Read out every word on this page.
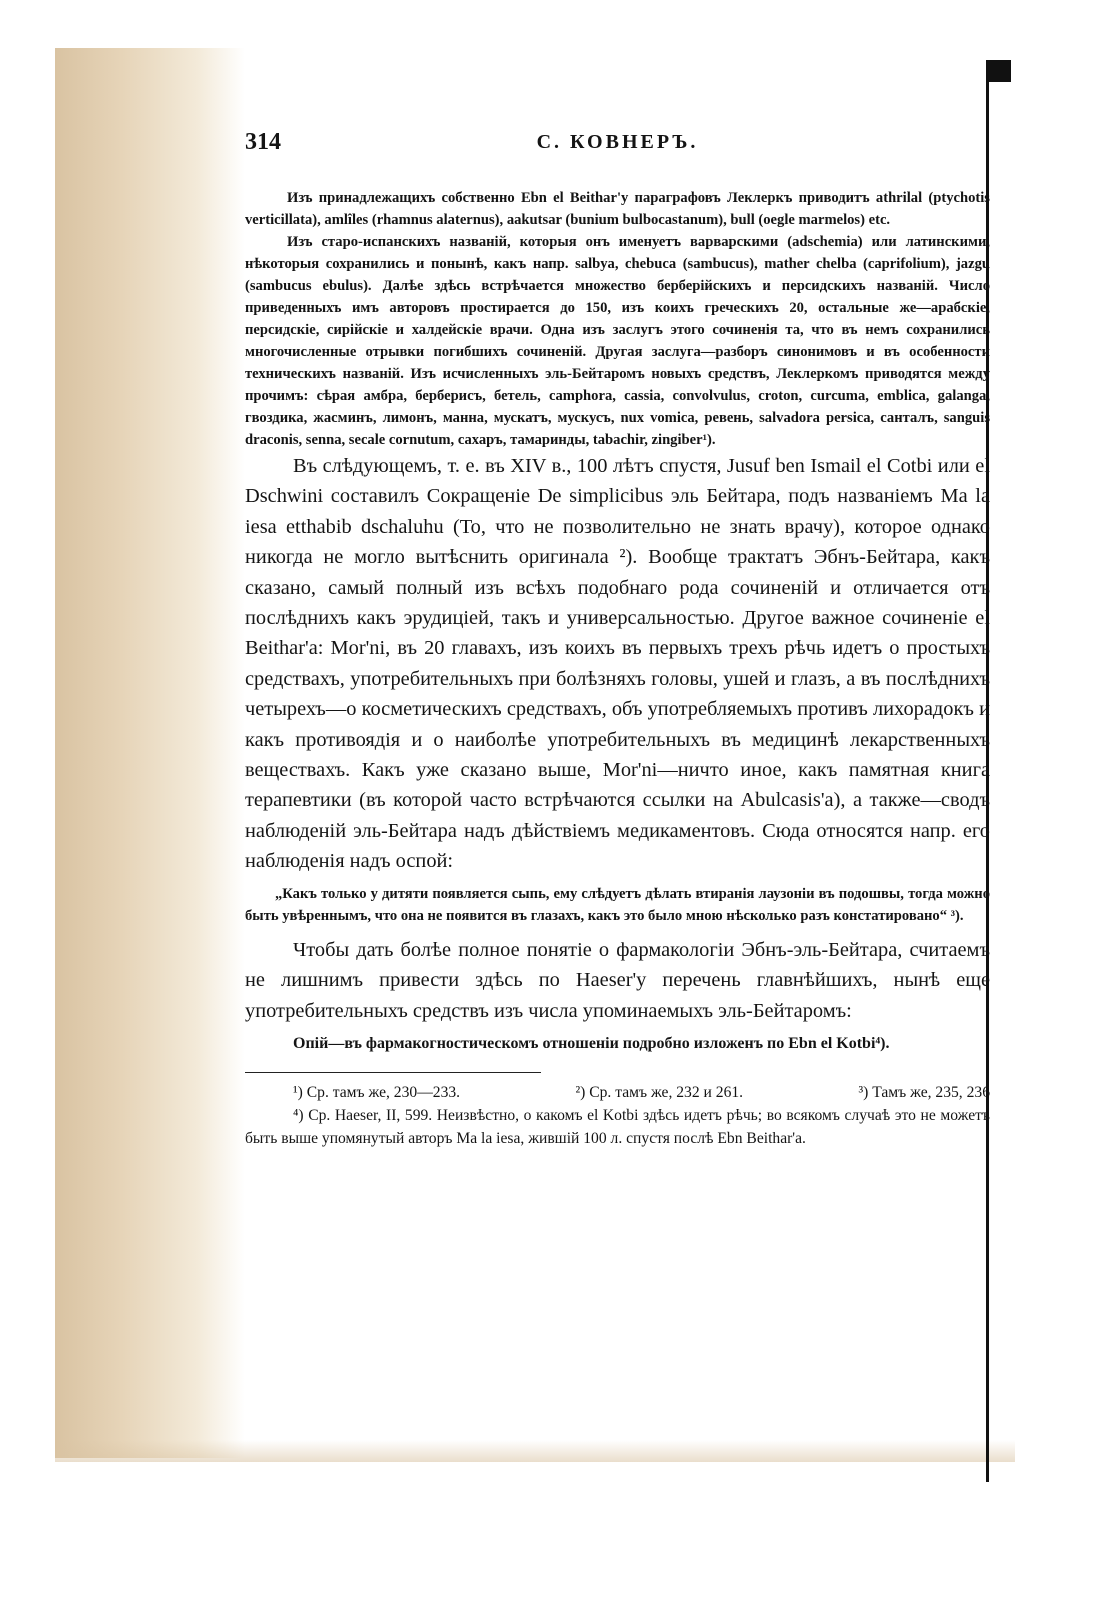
314	С. КОВНЕРЪ.

Изъ принадлежащихъ собственно Ebn el Beithar'у параграфовъ Леклеркъ приводитъ athrilal (ptychotis verticillata), amlîles (rhamnus alaternus), aakutsar (bunium bulbocastanum), bull (oegle marmelos) etc.

Изъ старо-испанскихъ названій, которыя онъ именуетъ варварскими (adschemia) или латинскими, нѣкоторыя сохранились и понынѣ, какъ напр. salbya, chebuca (sambucus), mather chelba (caprifolium), jazgu (sambucus ebulus). Далѣе здѣсь встрѣчается множество берберійскихъ и персидскихъ названій. Число приведенныхъ имъ авторовъ простирается до 150, изъ коихъ греческихъ 20, остальные же—арабскіе, персидскіе, сирійскіе и халдейскіе врачи. Одна изъ заслугъ этого сочиненія та, что въ немъ сохранились многочисленные отрывки погибшихъ сочиненій. Другая заслуга—разборъ синонимовъ и въ особенности техническихъ названій. Изъ исчисленныхъ эль-Бейтаромъ новыхъ средствъ, Леклеркомъ приводятся между прочимъ: сѣрая амбра, берберисъ, бетель, camphora, cassia, convolvulus, croton, curcuma, emblica, galanga, гвоздика, жасминъ, лимонъ, манна, мускатъ, мускусъ, nux vomica, ревень, salvadora persica, санталъ, sanguis draconis, senna, secale cornutum, сахаръ, тамаринды, tabachir, zingiber¹).

Въ слѣдующемъ, т. е. въ XIV в., 100 лѣтъ спустя, Jusuf ben Ismail el Cotbi или el Dschwini составилъ Сокращеніе De simplicibus эль Бейтара, подъ названіемъ Ma la iesa etthabib dschaluhu (То, что не позволительно не знать врачу), которое однако никогда не могло вытѣснить оригинала ²). Вообще трактатъ Эбнъ-Бейтара, какъ сказано, самый полный изъ всѣхъ подобнаго рода сочиненій и отличается отъ послѣднихъ какъ эрудиціей, такъ и универсальностью. Другое важное сочиненіе el Beithar'a: Mor'ni, въ 20 главахъ, изъ коихъ въ первыхъ трехъ рѣчь идетъ о простыхъ средствахъ, употребительныхъ при болѣзняхъ головы, ушей и глазъ, а въ послѣднихъ четырехъ—о косметическихъ средствахъ, объ употребляемыхъ противъ лихорадокъ и какъ противоядія и о наиболѣе употребительныхъ въ медицинѣ лекарственныхъ веществахъ. Какъ уже сказано выше, Mor'ni—ничто иное, какъ памятная книга терапевтики (въ которой часто встрѣчаются ссылки на Abulcasis'a), а также—сводъ наблюденій эль-Бейтара надъ дѣйствіемъ медикаментовъ. Сюда относятся напр. его наблюденія надъ оспой:

„Какъ только у дитяти появляется сыпь, ему слѣдуетъ дѣлать втиранія лаузоніи въ подошвы, тогда можно быть увѣреннымъ, что она не появится въ глазахъ, какъ это было мною нѣсколько разъ констатировано“ ³).

Чтобы дать болѣе полное понятіе о фармакологіи Эбнъ-эль-Бейтара, считаемъ не лишнимъ привести здѣсь по Haeser'у перечень главнѣйшихъ, нынѣ еще употребительныхъ средствъ изъ числа упоминаемыхъ эль-Бейтаромъ:

Опій—въ фармакогностическомъ отношеніи подробно изложенъ по Ebn el Kotbi⁴).

¹) Ср. тамъ же, 230—233.	²) Ср. тамъ же, 232 и 261.	³) Тамъ же, 235, 236

⁴) Ср. Haeser, II, 599. Неизвѣстно, о какомъ el Kotbi здѣсь идетъ рѣчь; во всякомъ случаѣ это не можетъ быть выше упомянутый авторъ Ma la iesa, жившій 100 л. спустя послѣ Ebn Beithar'a.
